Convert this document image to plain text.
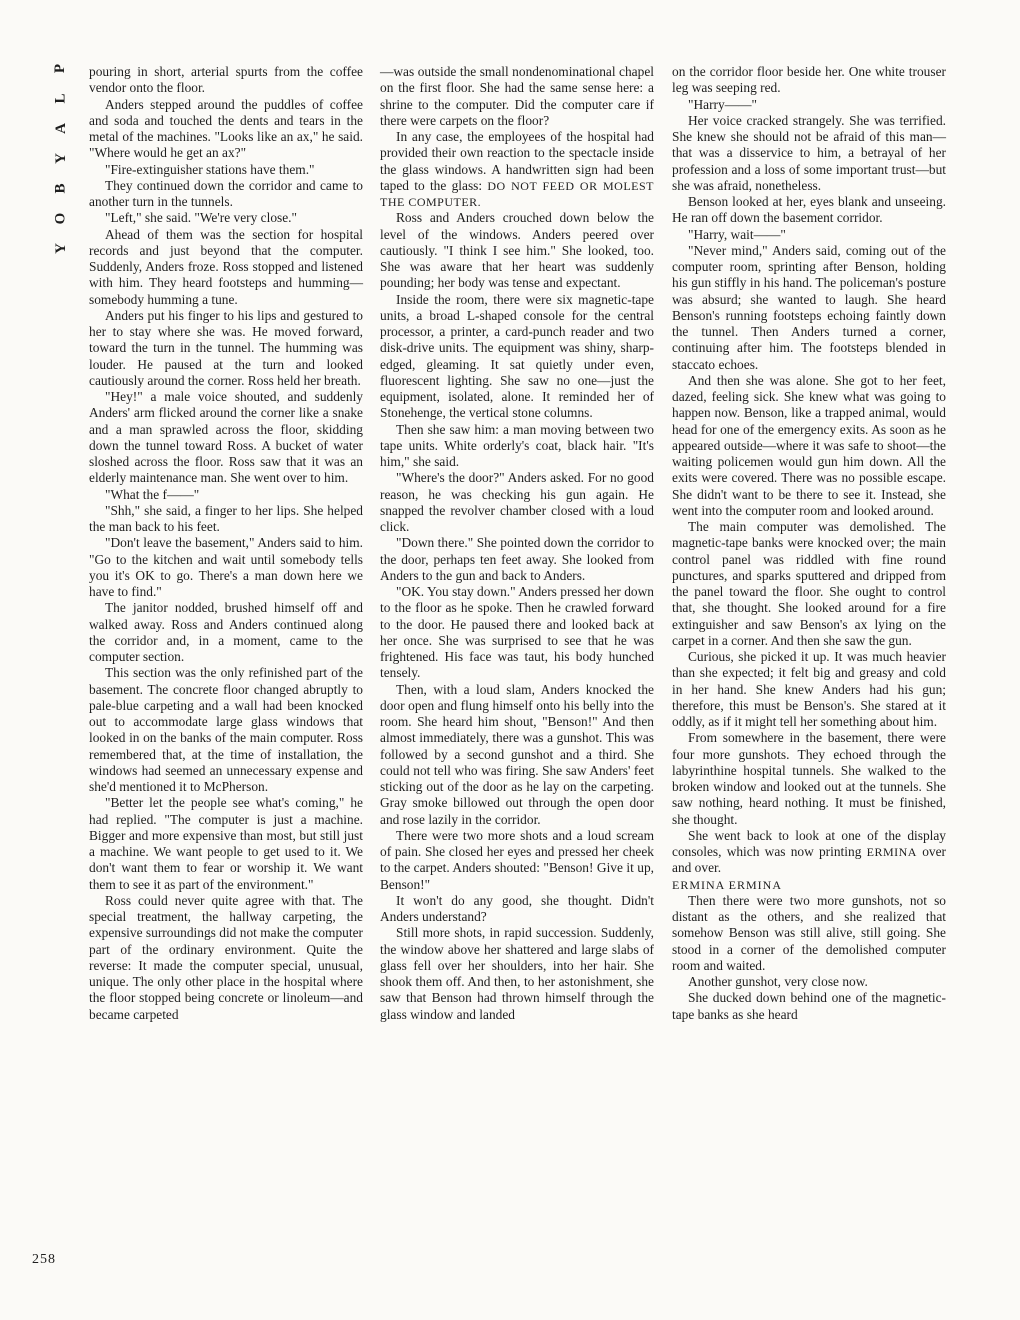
P
L
A
Y
B
O
Y
258

pouring in short, arterial spurts from the coffee vendor onto the floor.

Anders stepped around the puddles of coffee and soda and touched the dents and tears in the metal of the machines. "Looks like an ax," he said. "Where would he get an ax?"

"Fire-extinguisher stations have them."

They continued down the corridor and came to another turn in the tunnels.

"Left," she said. "We're very close."

Ahead of them was the section for hospital records and just beyond that the computer. Suddenly, Anders froze. Ross stopped and listened with him. They heard footsteps and humming—somebody humming a tune.

Anders put his finger to his lips and gestured to her to stay where she was. He moved forward, toward the turn in the tunnel. The humming was louder. He paused at the turn and looked cautiously around the corner. Ross held her breath.

"Hey!" a male voice shouted, and suddenly Anders' arm flicked around the corner like a snake and a man sprawled across the floor, skidding down the tunnel toward Ross. A bucket of water sloshed across the floor. Ross saw that it was an elderly maintenance man. She went over to him.

"What the f——"

"Shh," she said, a finger to her lips. She helped the man back to his feet.

"Don't leave the basement," Anders said to him. "Go to the kitchen and wait until somebody tells you it's OK to go. There's a man down here we have to find."

The janitor nodded, brushed himself off and walked away. Ross and Anders continued along the corridor and, in a moment, came to the computer section.

This section was the only refinished part of the basement. The concrete floor changed abruptly to pale-blue carpeting and a wall had been knocked out to accommodate large glass windows that looked in on the banks of the main computer. Ross remembered that, at the time of installation, the windows had seemed an unnecessary expense and she'd mentioned it to McPherson.

"Better let the people see what's coming," he had replied. "The computer is just a machine. Bigger and more expensive than most, but still just a machine. We want people to get used to it. We don't want them to fear or worship it. We want them to see it as part of the environment."

Ross could never quite agree with that. The special treatment, the hallway carpeting, the expensive surroundings did not make the computer part of the ordinary environment. Quite the reverse: It made the computer special, unusual, unique. The only other place in the hospital where the floor stopped being concrete or linoleum—and became carpeted

—was outside the small nondenominational chapel on the first floor. She had the same sense here: a shrine to the computer. Did the computer care if there were carpets on the floor?

In any case, the employees of the hospital had provided their own reaction to the spectacle inside the glass windows. A handwritten sign had been taped to the glass: DO NOT FEED OR MOLEST THE COMPUTER.

Ross and Anders crouched down below the level of the windows. Anders peered over cautiously. "I think I see him." She looked, too. She was aware that her heart was suddenly pounding; her body was tense and expectant.

Inside the room, there were six magnetic-tape units, a broad L-shaped console for the central processor, a printer, a card-punch reader and two disk-drive units. The equipment was shiny, sharp-edged, gleaming. It sat quietly under even, fluorescent lighting. She saw no one—just the equipment, isolated, alone. It reminded her of Stonehenge, the vertical stone columns.

Then she saw him: a man moving between two tape units. White orderly's coat, black hair. "It's him," she said.

"Where's the door?" Anders asked. For no good reason, he was checking his gun again. He snapped the revolver chamber closed with a loud click.

"Down there." She pointed down the corridor to the door, perhaps ten feet away. She looked from Anders to the gun and back to Anders.

"OK. You stay down." Anders pressed her down to the floor as he spoke. Then he crawled forward to the door. He paused there and looked back at her once. She was surprised to see that he was frightened. His face was taut, his body hunched tensely.

Then, with a loud slam, Anders knocked the door open and flung himself onto his belly into the room. She heard him shout, "Benson!" And then almost immediately, there was a gunshot. This was followed by a second gunshot and a third. She could not tell who was firing. She saw Anders' feet sticking out of the door as he lay on the carpeting. Gray smoke billowed out through the open door and rose lazily in the corridor.

There were two more shots and a loud scream of pain. She closed her eyes and pressed her cheek to the carpet. Anders shouted: "Benson! Give it up, Benson!"

It won't do any good, she thought. Didn't Anders understand?

Still more shots, in rapid succession. Suddenly, the window above her shattered and large slabs of glass fell over her shoulders, into her hair. She shook them off. And then, to her astonishment, she saw that Benson had thrown himself through the glass window and landed

on the corridor floor beside her. One white trouser leg was seeping red.

"Harry——"

Her voice cracked strangely. She was terrified. She knew she should not be afraid of this man—that was a disservice to him, a betrayal of her profession and a loss of some important trust—but she was afraid, nonetheless.

Benson looked at her, eyes blank and unseeing. He ran off down the basement corridor.

"Harry, wait——"

"Never mind," Anders said, coming out of the computer room, sprinting after Benson, holding his gun stiffly in his hand. The policeman's posture was absurd; she wanted to laugh. She heard Benson's running footsteps echoing faintly down the tunnel. Then Anders turned a corner, continuing after him. The footsteps blended in staccato echoes.

And then she was alone. She got to her feet, dazed, feeling sick. She knew what was going to happen now. Benson, like a trapped animal, would head for one of the emergency exits. As soon as he appeared outside—where it was safe to shoot—the waiting policemen would gun him down. All the exits were covered. There was no possible escape. She didn't want to be there to see it. Instead, she went into the computer room and looked around.

The main computer was demolished. The magnetic-tape banks were knocked over; the main control panel was riddled with fine round punctures, and sparks sputtered and dripped from the panel toward the floor. She ought to control that, she thought. She looked around for a fire extinguisher and saw Benson's ax lying on the carpet in a corner. And then she saw the gun.

Curious, she picked it up. It was much heavier than she expected; it felt big and greasy and cold in her hand. She knew Anders had his gun; therefore, this must be Benson's. She stared at it oddly, as if it might tell her something about him.

From somewhere in the basement, there were four more gunshots. They echoed through the labyrinthine hospital tunnels. She walked to the broken window and looked out at the tunnels. She saw nothing, heard nothing. It must be finished, she thought.

She went back to look at one of the display consoles, which was now printing ERMINA over and over.

ERMINA ERMINA

Then there were two more gunshots, not so distant as the others, and she realized that somehow Benson was still alive, still going. She stood in a corner of the demolished computer room and waited.

Another gunshot, very close now.

She ducked down behind one of the magnetic-tape banks as she heard
